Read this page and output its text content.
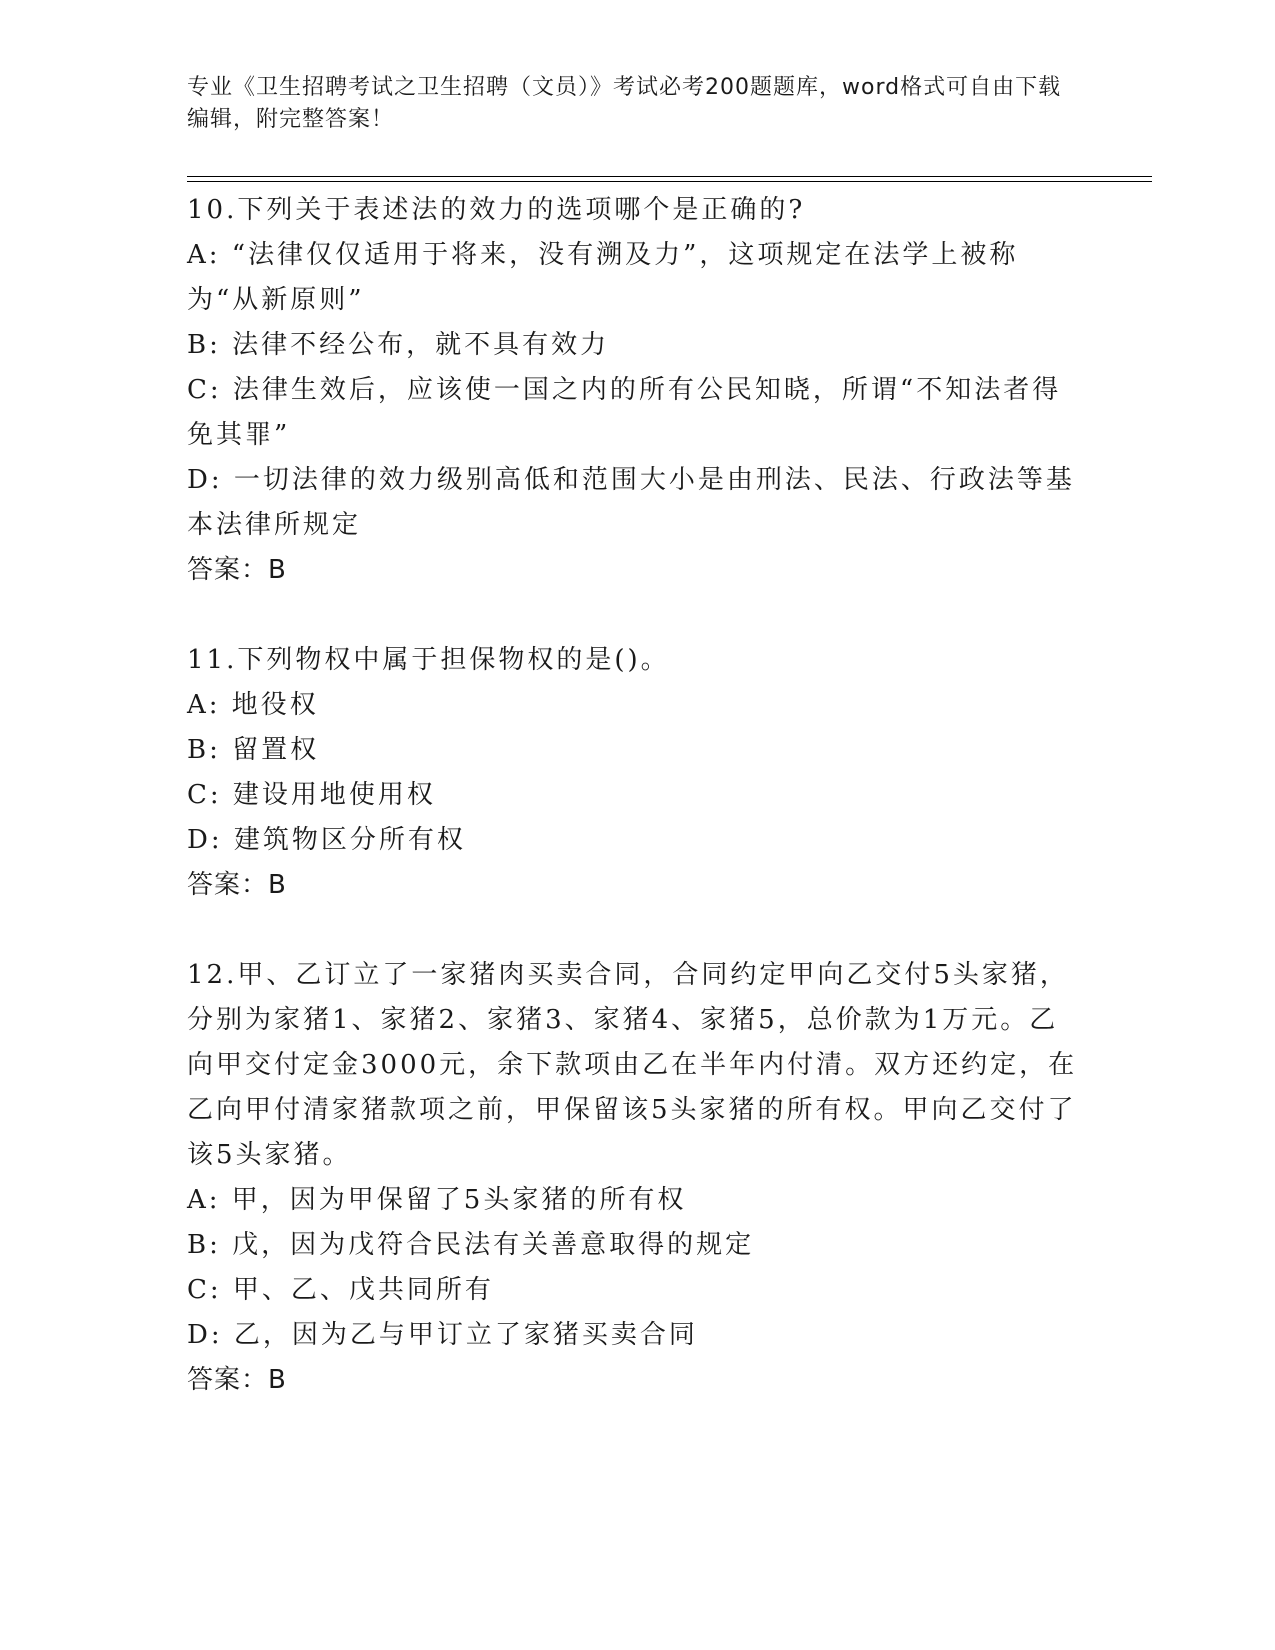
专业《卫生招聘考试之卫生招聘（文员）》考试必考200题题库，word格式可自由下载编辑，附完整答案！
10.下列关于表述法的效力的选项哪个是正确的?
A: “法律仅仅适用于将来，没有溯及力”，这项规定在法学上被称为“从新原则”
B: 法律不经公布，就不具有效力
C: 法律生效后，应该使一国之内的所有公民知晓，所谓“不知法者得免其罪”
D: 一切法律的效力级别高低和范围大小是由刑法、民法、行政法等基本法律所规定
答案：B
11.下列物权中属于担保物权的是()。
A: 地役权
B: 留置权
C: 建设用地使用权
D: 建筑物区分所有权
答案：B
12.甲、乙订立了一家猪肉买卖合同，合同约定甲向乙交付5头家猪，分别为家猪1、家猪2、家猪3、家猪4、家猪5，总价款为1万元。乙向甲交付定金3000元，余下款项由乙在半年内付清。双方还约定，在乙向甲付清家猪款项之前，甲保留该5头家猪的所有权。甲向乙交付了该5头家猪。
A: 甲，因为甲保留了5头家猪的所有权
B: 戊，因为戊符合民法有关善意取得的规定
C: 甲、乙、戊共同所有
D: 乙，因为乙与甲订立了家猪买卖合同
答案：B
